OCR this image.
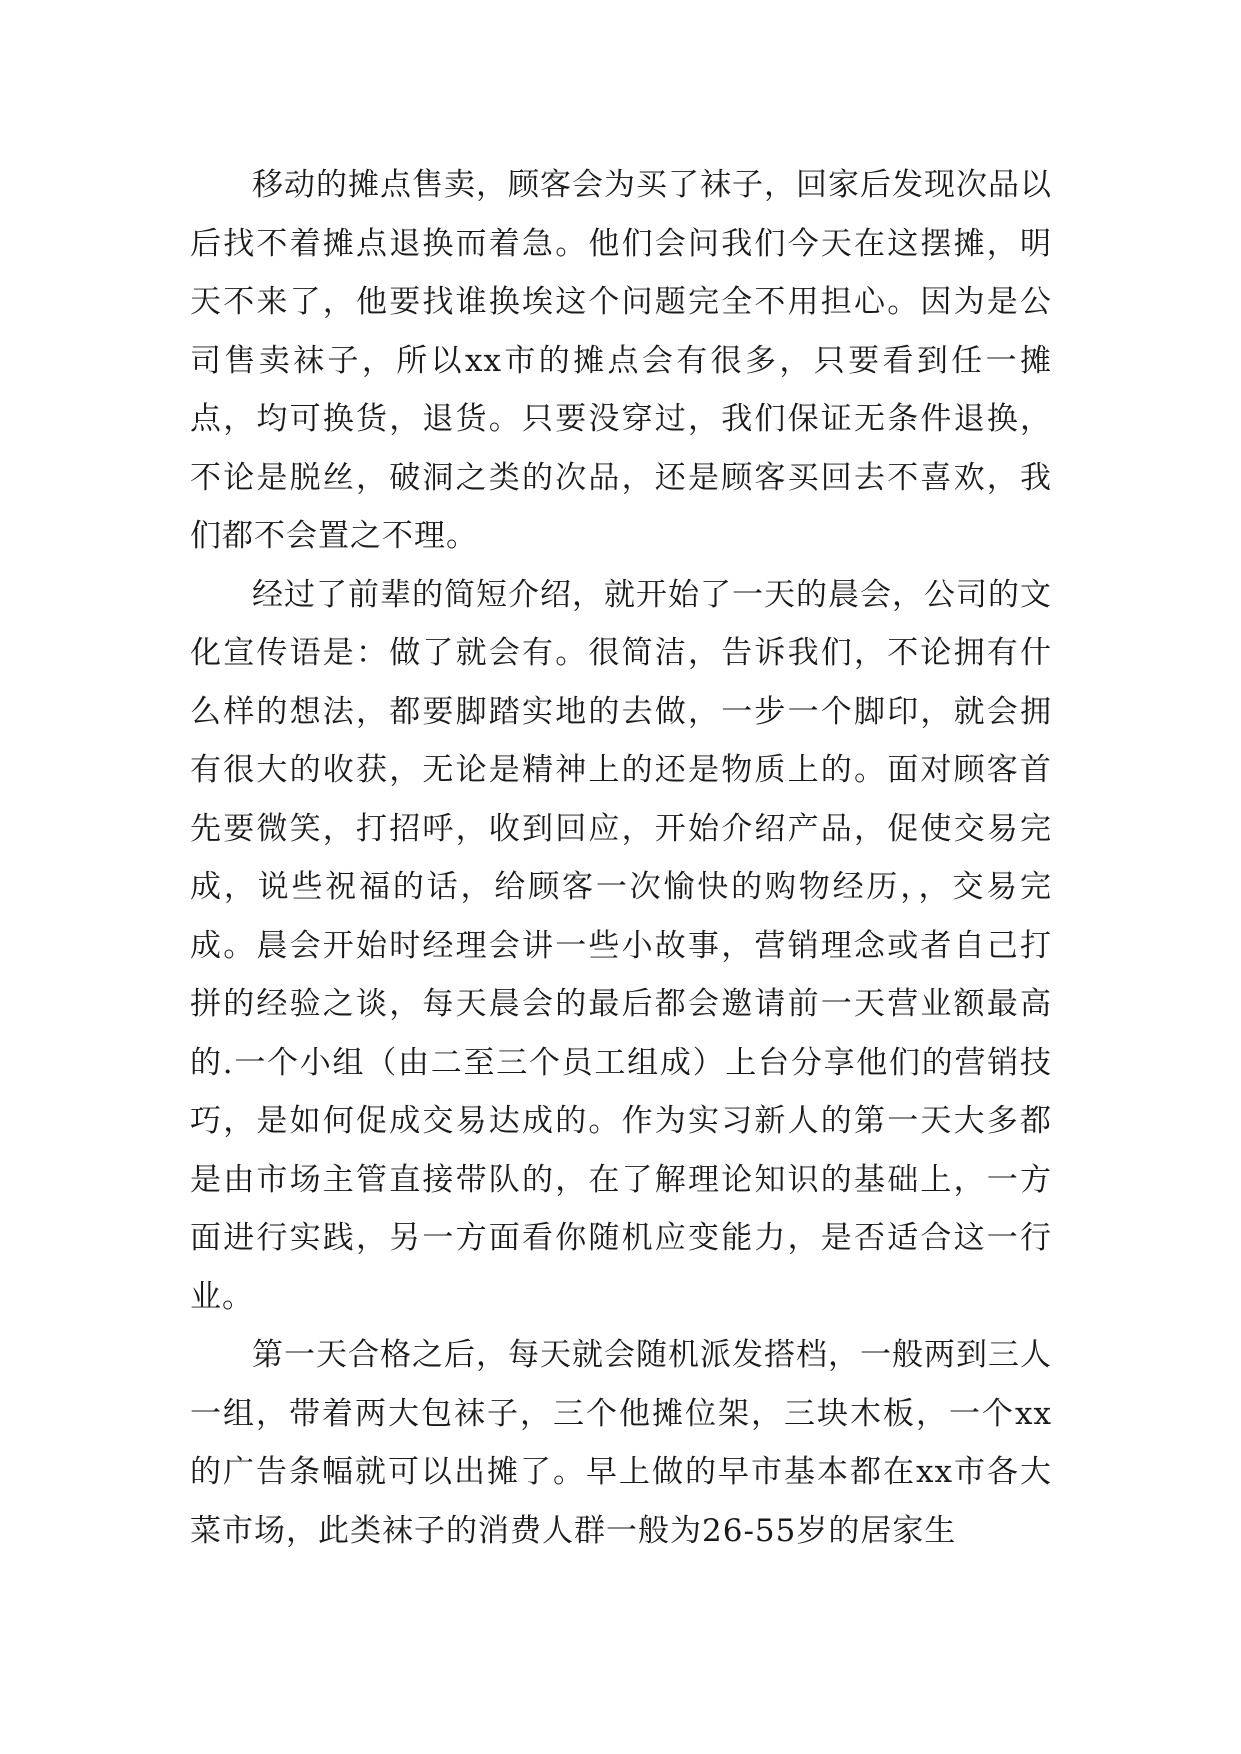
移动的摊点售卖，顾客会为买了袜子，回家后发现次品以后找不着摊点退换而着急。他们会问我们今天在这摆摊，明天不来了，他要找谁换埃这个问题完全不用担心。因为是公司售卖袜子，所以xx市的摊点会有很多，只要看到任一摊点，均可换货，退货。只要没穿过，我们保证无条件退换，不论是脱丝，破洞之类的次品，还是顾客买回去不喜欢，我们都不会置之不理。

经过了前辈的简短介绍，就开始了一天的晨会，公司的文化宣传语是：做了就会有。很简洁，告诉我们，不论拥有什么样的想法，都要脚踏实地的去做，一步一个脚印，就会拥有很大的收获，无论是精神上的还是物质上的。面对顾客首先要微笑，打招呼，收到回应，开始介绍产品，促使交易完成，说些祝福的话，给顾客一次愉快的购物经历，，交易完成。晨会开始时经理会讲一些小故事，营销理念或者自己打拼的经验之谈，每天晨会的最后都会邀请前一天营业额最高的.一个小组（由二至三个员工组成）上台分享他们的营销技巧，是如何促成交易达成的。作为实习新人的第一天大多都是由市场主管直接带队的，在了解理论知识的基础上，一方面进行实践，另一方面看你随机应变能力，是否适合这一行业。

第一天合格之后，每天就会随机派发搭档，一般两到三人一组，带着两大包袜子，三个他摊位架，三块木板，一个xx的广告条幅就可以出摊了。早上做的早市基本都在xx市各大菜市场，此类袜子的消费人群一般为26-55岁的居家生
